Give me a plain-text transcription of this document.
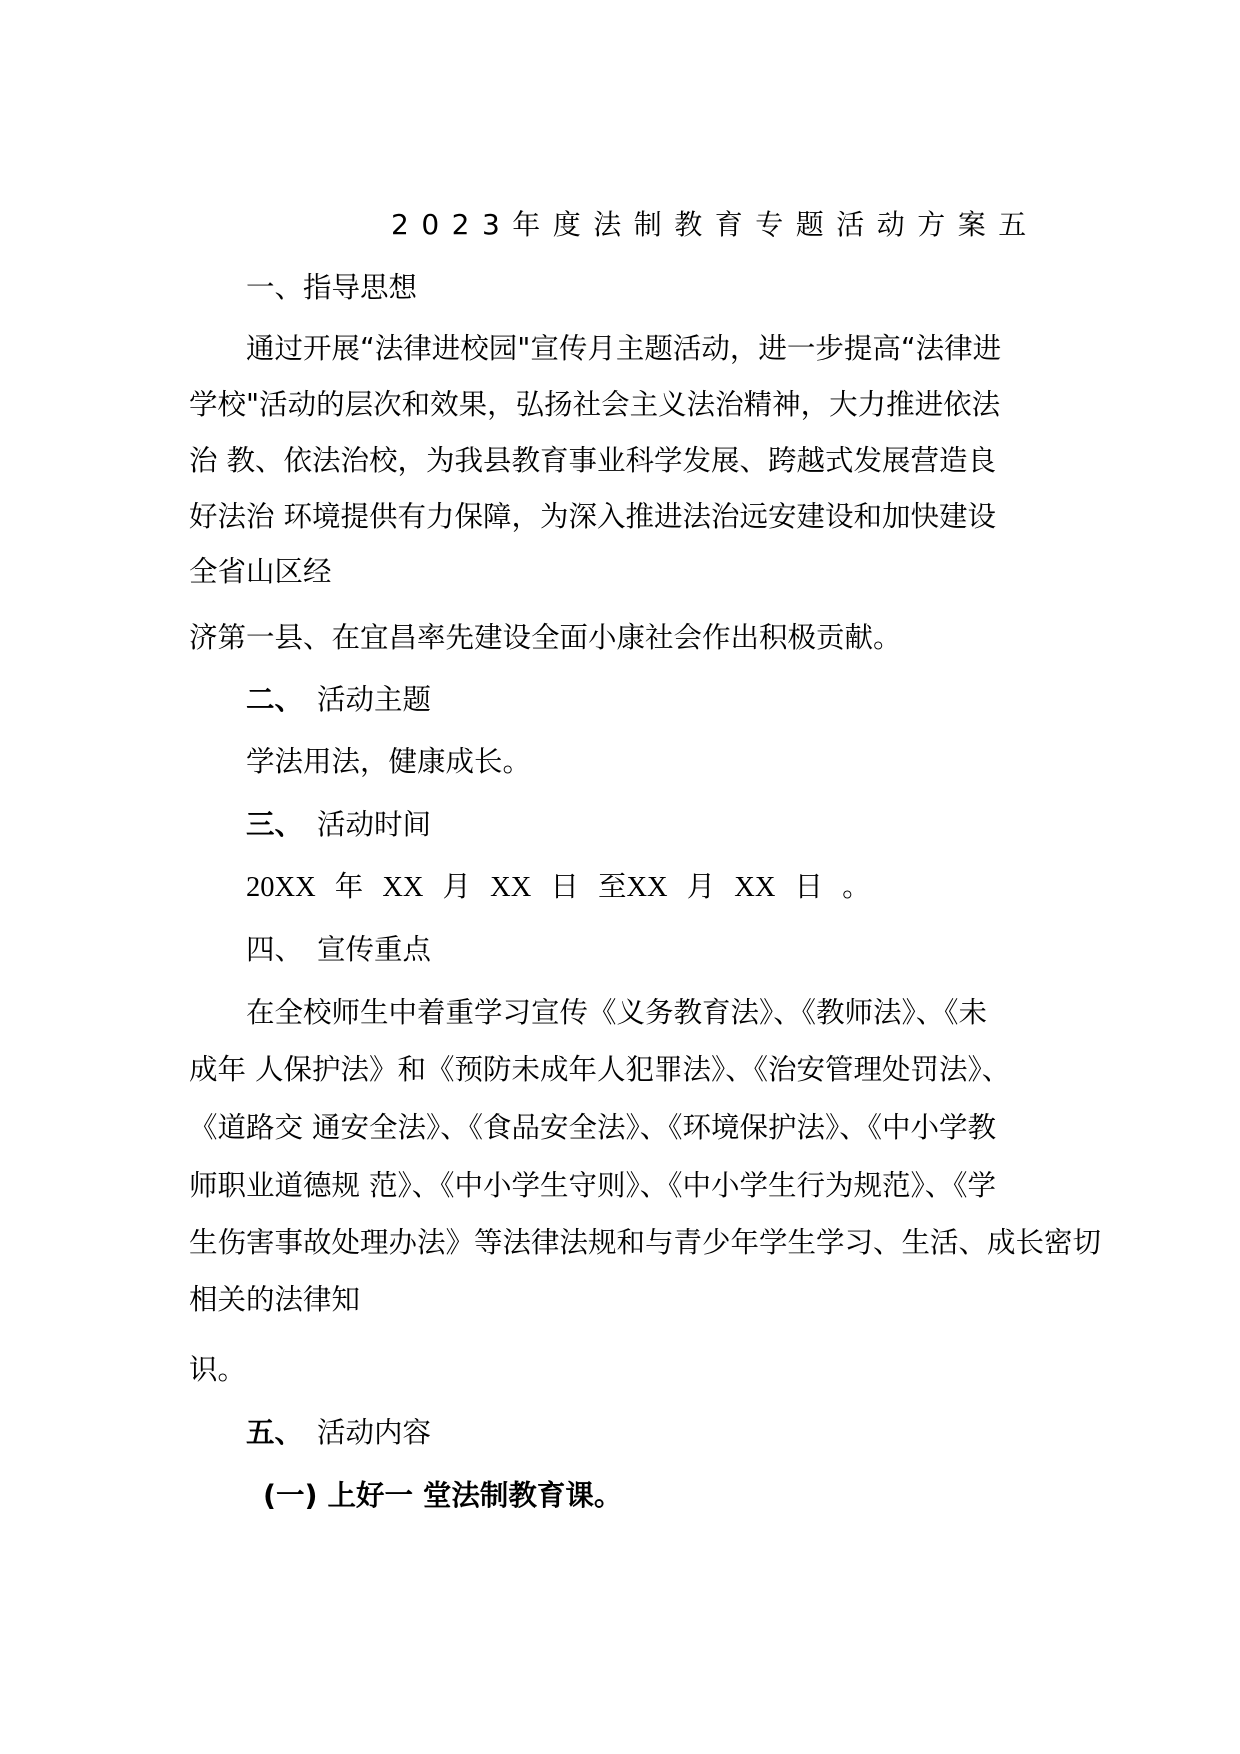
2023年度法制教育专题活动方案五
一、指导思想
通过开展“法律进校园"宣传月主题活动，进一步提高“法律进
学校"活动的层次和效果，弘扬社会主义法治精神，大力推进依法
治 教、依法治校，为我县教育事业科学发展、跨越式发展营造良
好法治 环境提供有力保障，为深入推进法治远安建设和加快建设
全省山区经
济第一县、在宜昌率先建设全面小康社会作出积极贡献。
二、 活动主题
学法用法，健康成长。
三、 活动时间
20XX 年 XX 月 XX 日 至XX 月 XX 日 。
四、 宣传重点
在全校师生中着重学习宣传《义务教育法》、《教师法》、《未
成年 人保护法》和《预防未成年人犯罪法》、《治安管理处罚法》、
《道路交 通安全法》、《食品安全法》、《环境保护法》、《中小学教
师职业道德规 范》、《中小学生守则》、《中小学生行为规范》、《学
生伤害事故处理办法》等法律法规和与青少年学生学习、生活、成长密切
相关的法律知
识。
五、 活动内容
(一) 上好一 堂法制教育课。
